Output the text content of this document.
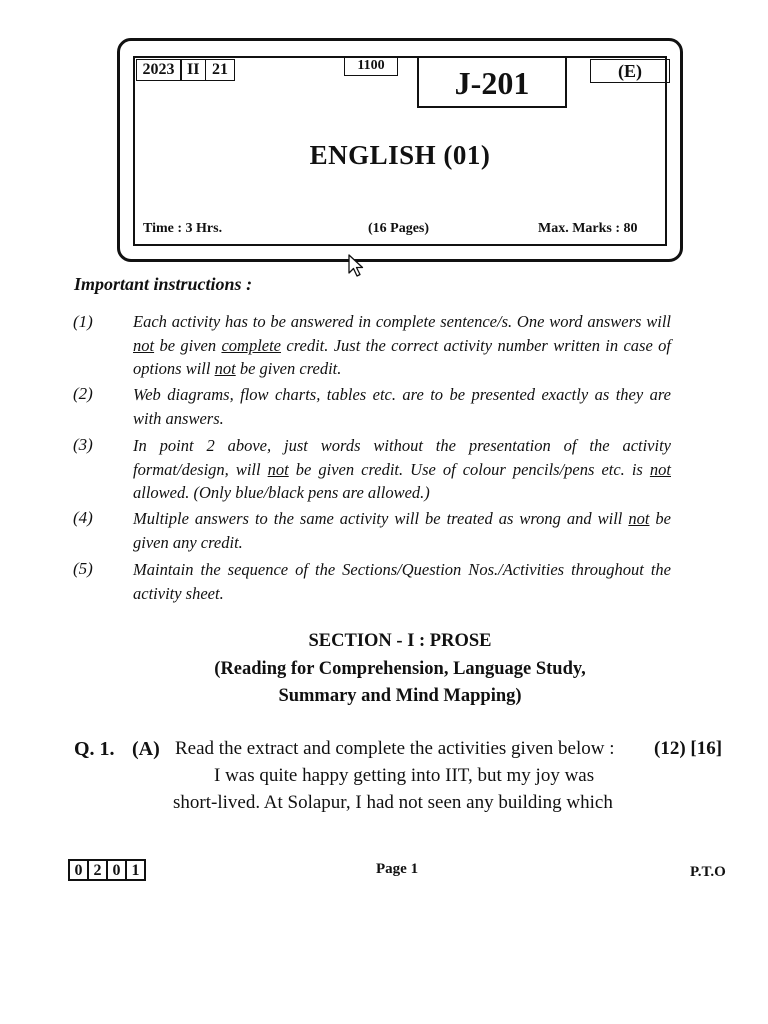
2023 II 21	1100	J-201	(E)
ENGLISH (01)
Time : 3 Hrs.	(16 Pages)	Max. Marks : 80
Important instructions :
(1) Each activity has to be answered in complete sentence/s. One word answers will not be given complete credit. Just the correct activity number written in case of options will not be given credit.
(2) Web diagrams, flow charts, tables etc. are to be presented exactly as they are with answers.
(3) In point 2 above, just words without the presentation of the activity format/design, will not be given credit. Use of colour pencils/pens etc. is not allowed. (Only blue/black pens are allowed.)
(4) Multiple answers to the same activity will be treated as wrong and will not be given any credit.
(5) Maintain the sequence of the Sections/Question Nos./Activities throughout the activity sheet.
SECTION - I : PROSE
(Reading for Comprehension, Language Study,
Summary and Mind Mapping)
Q. 1. (A) Read the extract and complete the activities given below : (12) [16]
I was quite happy getting into IIT, but my joy was
short-lived. At Solapur, I had not seen any building which
0 2 0 1	Page 1	P.T.O
